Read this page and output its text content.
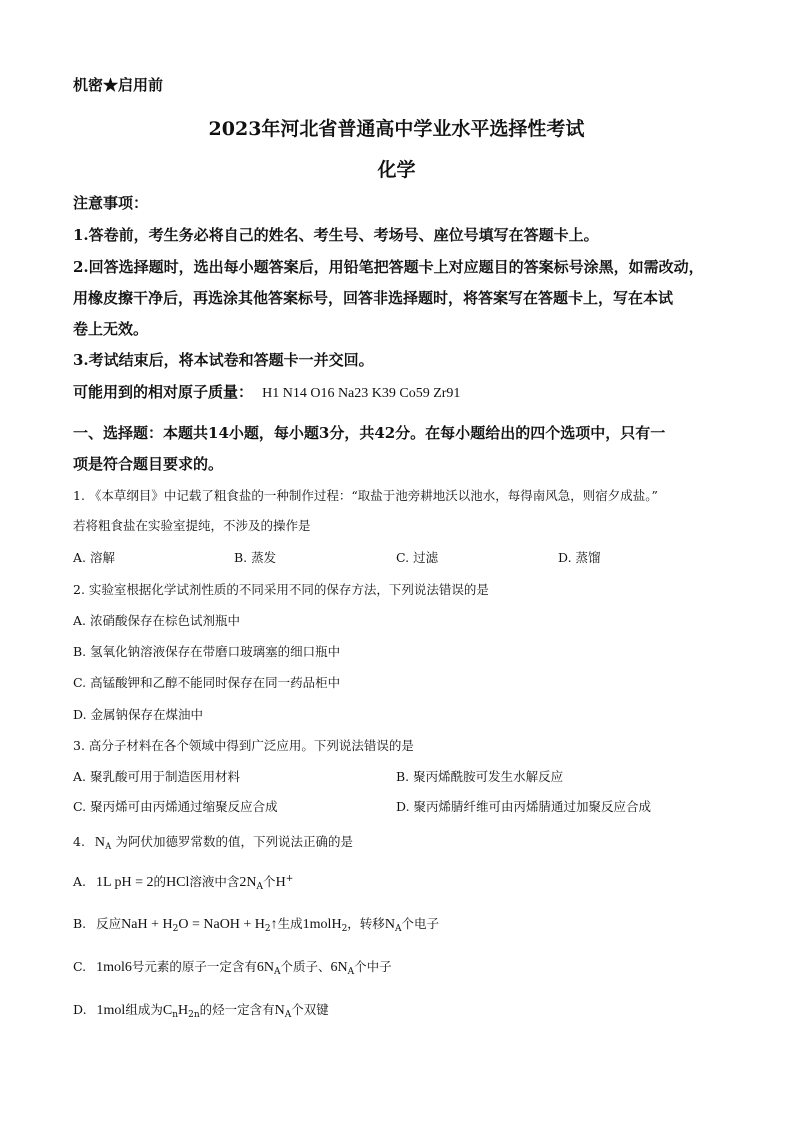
机密★启用前
2023年河北省普通高中学业水平选择性考试
化学
注意事项：
1.答卷前，考生务必将自己的姓名、考生号、考场号、座位号填写在答题卡上。
2.回答选择题时，选出每小题答案后，用铅笔把答题卡上对应题目的答案标号涂黑，如需改动，
用橡皮擦干净后，再选涂其他答案标号，回答非选择题时，将答案写在答题卡上，写在本试
卷上无效。
3.考试结束后，将本试卷和答题卡一并交回。
可能用到的相对原子质量： H1 N14 O16 Na23 K39 Co59 Zr91
一、选择题：本题共14小题，每小题3分，共42分。在每小题给出的四个选项中，只有一
项是符合题目要求的。
1. 《本草纲目》中记载了粗食盐的一种制作过程：“取盐于池旁耕地沃以池水，每得南风急，则宿夕成盐。”
若将粗食盐在实验室提纯，不涉及的操作是
A. 溶解	B. 蒸发	C. 过滤	D. 蒸馏
2. 实验室根据化学试剂性质的不同采用不同的保存方法，下列说法错误的是
A. 浓硝酸保存在棕色试剂瓶中
B. 氢氧化钠溶液保存在带磨口玻璃塞的细口瓶中
C. 高锰酸钾和乙醇不能同时保存在同一药品柜中
D. 金属钠保存在煤油中
3. 高分子材料在各个领域中得到广泛应用。下列说法错误的是
A. 聚乳酸可用于制造医用材料	B. 聚丙烯酰胺可发生水解反应
C. 聚丙烯可由丙烯通过缩聚反应合成	D. 聚丙烯腈纤维可由丙烯腈通过加聚反应合成
4. $N_A$ 为阿伏加德罗常数的值，下列说法正确的是
A. 1L pH = 2的HCl溶液中含$2N_A$个H+
B. 反应NaH + $H_2O$ = NaOH + $H_2↑$生成1molH$_2$，转移$N_A$个电子
C. 1mol6号元素的原子一定含有$6N_A$个质子、$6N_A$个中子
D. 1mol组成为$C_nH_{2n}$的烃一定含有$N_A$个双键
